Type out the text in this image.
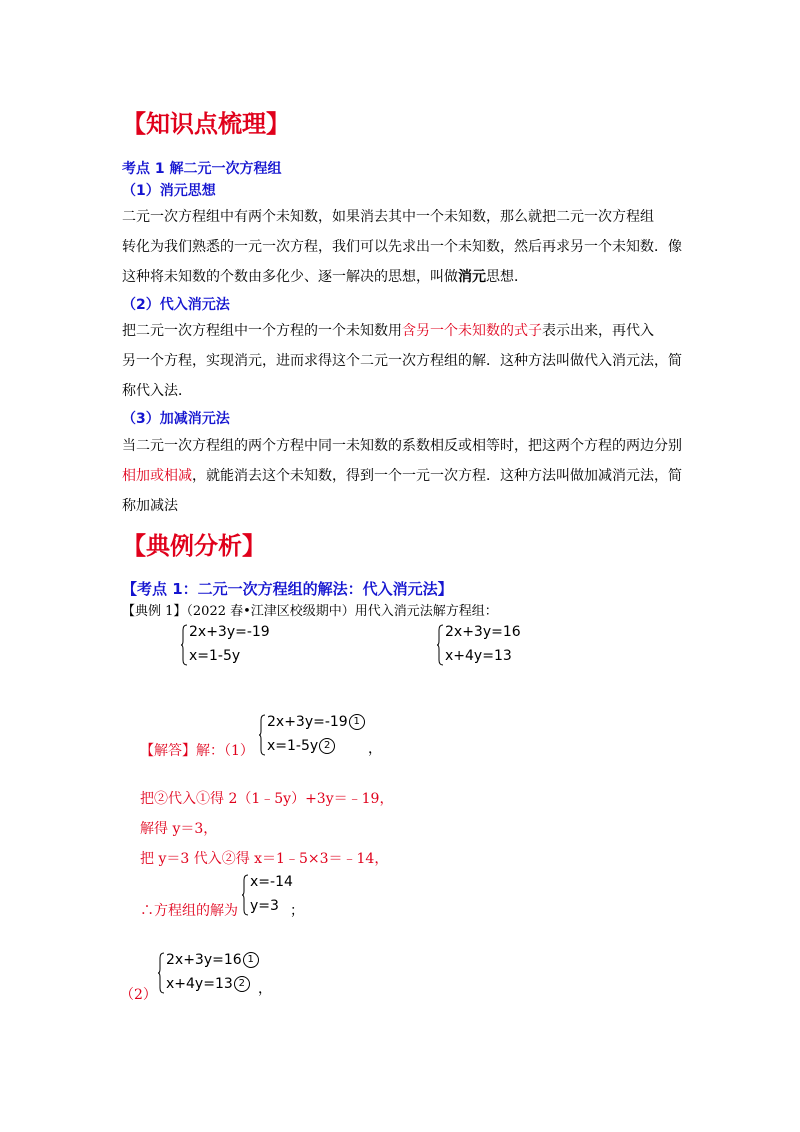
【知识点梳理】
考点 1 解二元一次方程组
（1）消元思想
二元一次方程组中有两个未知数，如果消去其中一个未知数，那么就把二元一次方程组
转化为我们熟悉的一元一次方程，我们可以先求出一个未知数，然后再求另一个未知数．像
这种将未知数的个数由多化少、逐一解决的思想，叫做消元思想．
（2）代入消元法
把二元一次方程组中一个方程的一个未知数用含另一个未知数的式子表示出来，再代入
另一个方程，实现消元，进而求得这个二元一次方程组的解．这种方法叫做代入消元法，简
称代入法．
（3）加减消元法
当二元一次方程组的两个方程中同一未知数的系数相反或相等时，把这两个方程的两边分别
相加或相减，就能消去这个未知数，得到一个一元一次方程．这种方法叫做加减消元法，简
称加减法
【典例分析】
【考点 1：二元一次方程组的解法：代入消元法】
【典例 1】（2022 春•江津区校级期中）用代入消元法解方程组：
2x+3y=-19
x=1-5y
2x+3y=16
x+4y=13
【解答】解：（1）
2x+3y=-19 1
x=1-5y 2	，
把②代入①得 2（1﹣5y）+3y＝﹣19，
解得 y＝3，
把 y＝3 代入②得 x＝1﹣5×3＝﹣14，
∴方程组的解为
x=-14
y=3 ；
（2）
2x+3y=16 1
x+4y=13 2 ，
